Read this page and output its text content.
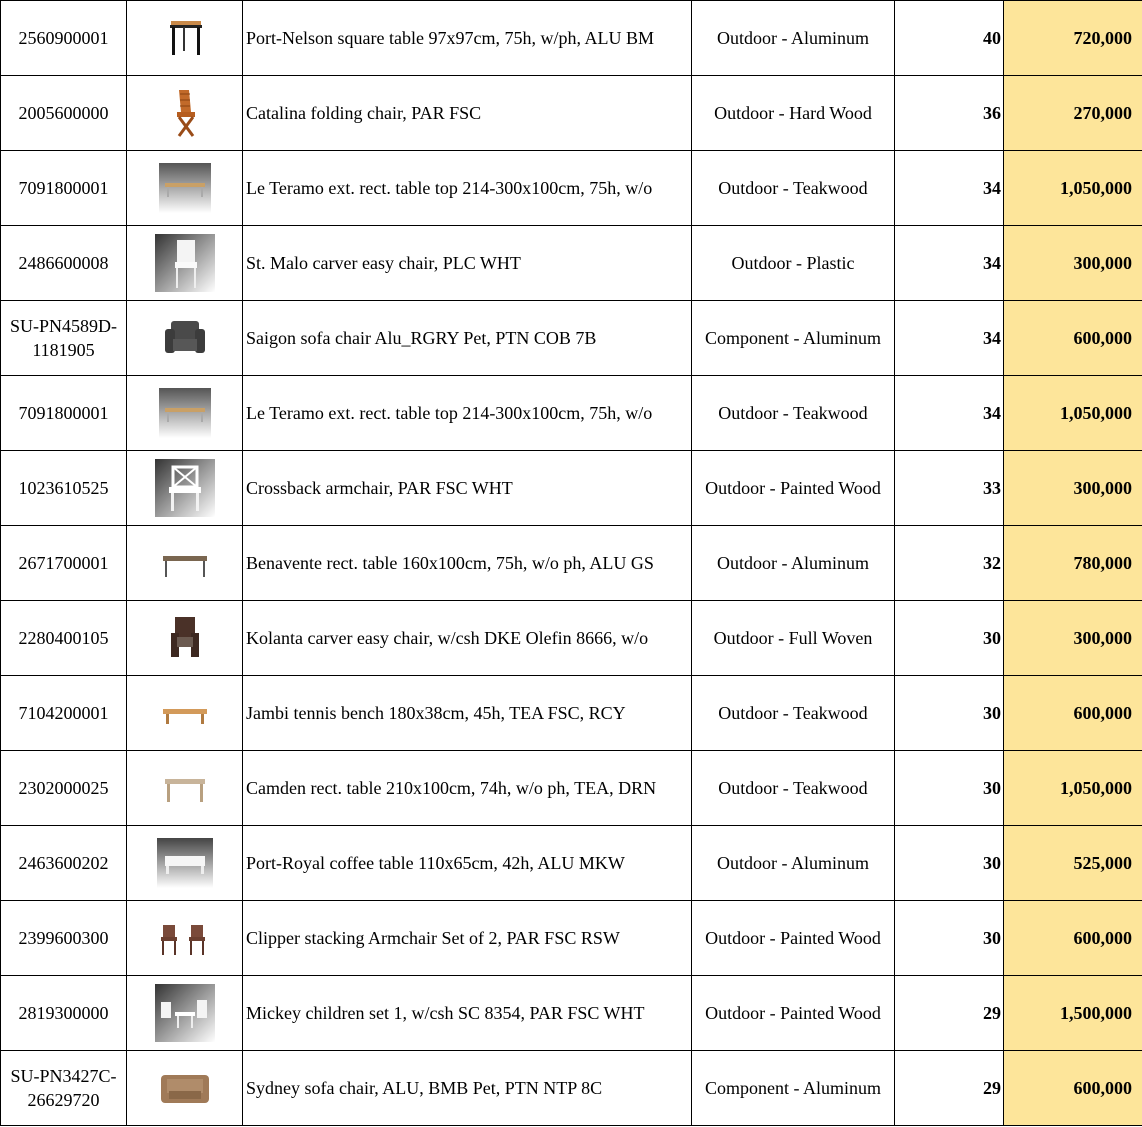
2560900001		Port-Nelson square table 97x97cm, 75h, w/ph, ALU BM	Outdoor - Aluminum	40	720,000
2005600000		Catalina folding chair, PAR FSC	Outdoor - Hard Wood	36	270,000
7091800001		Le Teramo ext. rect. table top 214-300x100cm, 75h, w/o	Outdoor - Teakwood	34	1,050,000
2486600008		St. Malo carver easy chair, PLC WHT	Outdoor - Plastic	34	300,000
SU-PN4589D-1181905		Saigon sofa chair Alu_RGRY Pet, PTN COB 7B	Component - Aluminum	34	600,000
7091800001		Le Teramo ext. rect. table top 214-300x100cm, 75h, w/o	Outdoor - Teakwood	34	1,050,000
1023610525		Crossback armchair, PAR FSC WHT	Outdoor - Painted Wood	33	300,000
2671700001		Benavente rect. table 160x100cm, 75h, w/o ph, ALU GS	Outdoor - Aluminum	32	780,000
2280400105		Kolanta carver easy chair, w/csh DKE Olefin 8666, w/o	Outdoor - Full Woven	30	300,000
7104200001		Jambi tennis bench 180x38cm, 45h, TEA FSC, RCY	Outdoor - Teakwood	30	600,000
2302000025		Camden rect. table 210x100cm, 74h, w/o ph, TEA, DRN	Outdoor - Teakwood	30	1,050,000
2463600202		Port-Royal coffee table 110x65cm, 42h, ALU MKW	Outdoor - Aluminum	30	525,000
2399600300		Clipper stacking Armchair Set of 2, PAR FSC RSW	Outdoor - Painted Wood	30	600,000
2819300000		Mickey children set 1, w/csh SC 8354, PAR FSC WHT	Outdoor - Painted Wood	29	1,500,000
SU-PN3427C-26629720		Sydney sofa chair, ALU, BMB Pet, PTN NTP 8C	Component - Aluminum	29	600,000
